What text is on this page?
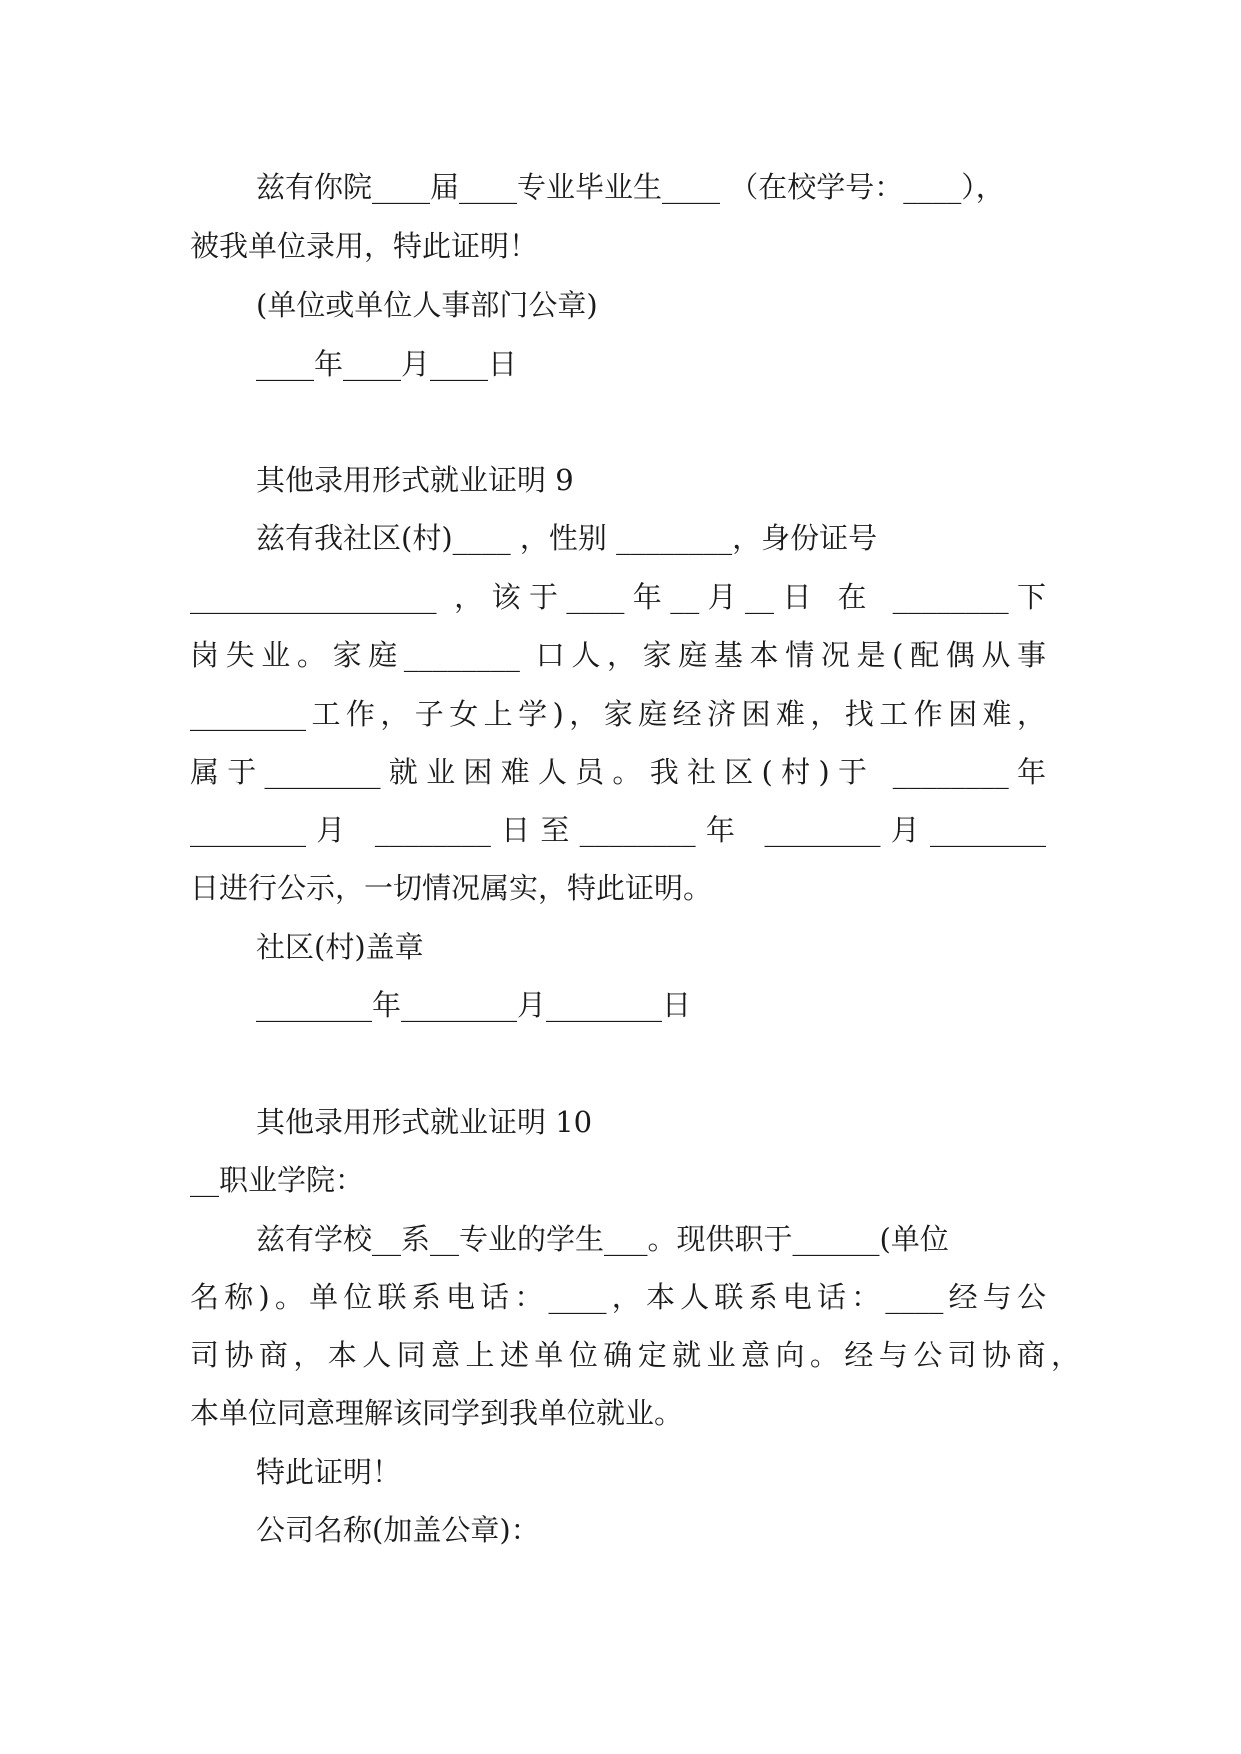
兹有你院____届____专业毕业生____ （在校学号：____），
被我单位录用，特此证明！
(单位或单位人事部门公章)
____年____月____日
其他录用形式就业证明 9
兹有我社区(村)____ ，性别 ________，身份证号
_________________ ，该于____年__月__日 在 ________下
岗失业。家庭________ 口人，家庭基本情况是(配偶从事
________工作，子女上学)，家庭经济困难，找工作困难，
属于________就业困难人员。我社区(村)于 ________年
________月 ________日至________年 ________月________
日进行公示，一切情况属实，特此证明。
社区(村)盖章
________年________月________日
其他录用形式就业证明 10
__职业学院：
兹有学校__系__专业的学生___。现供职于______(单位
名称)。单位联系电话：____，本人联系电话：____经与公
司协商，本人同意上述单位确定就业意向。经与公司协商，
本单位同意理解该同学到我单位就业。
特此证明！
公司名称(加盖公章)：
